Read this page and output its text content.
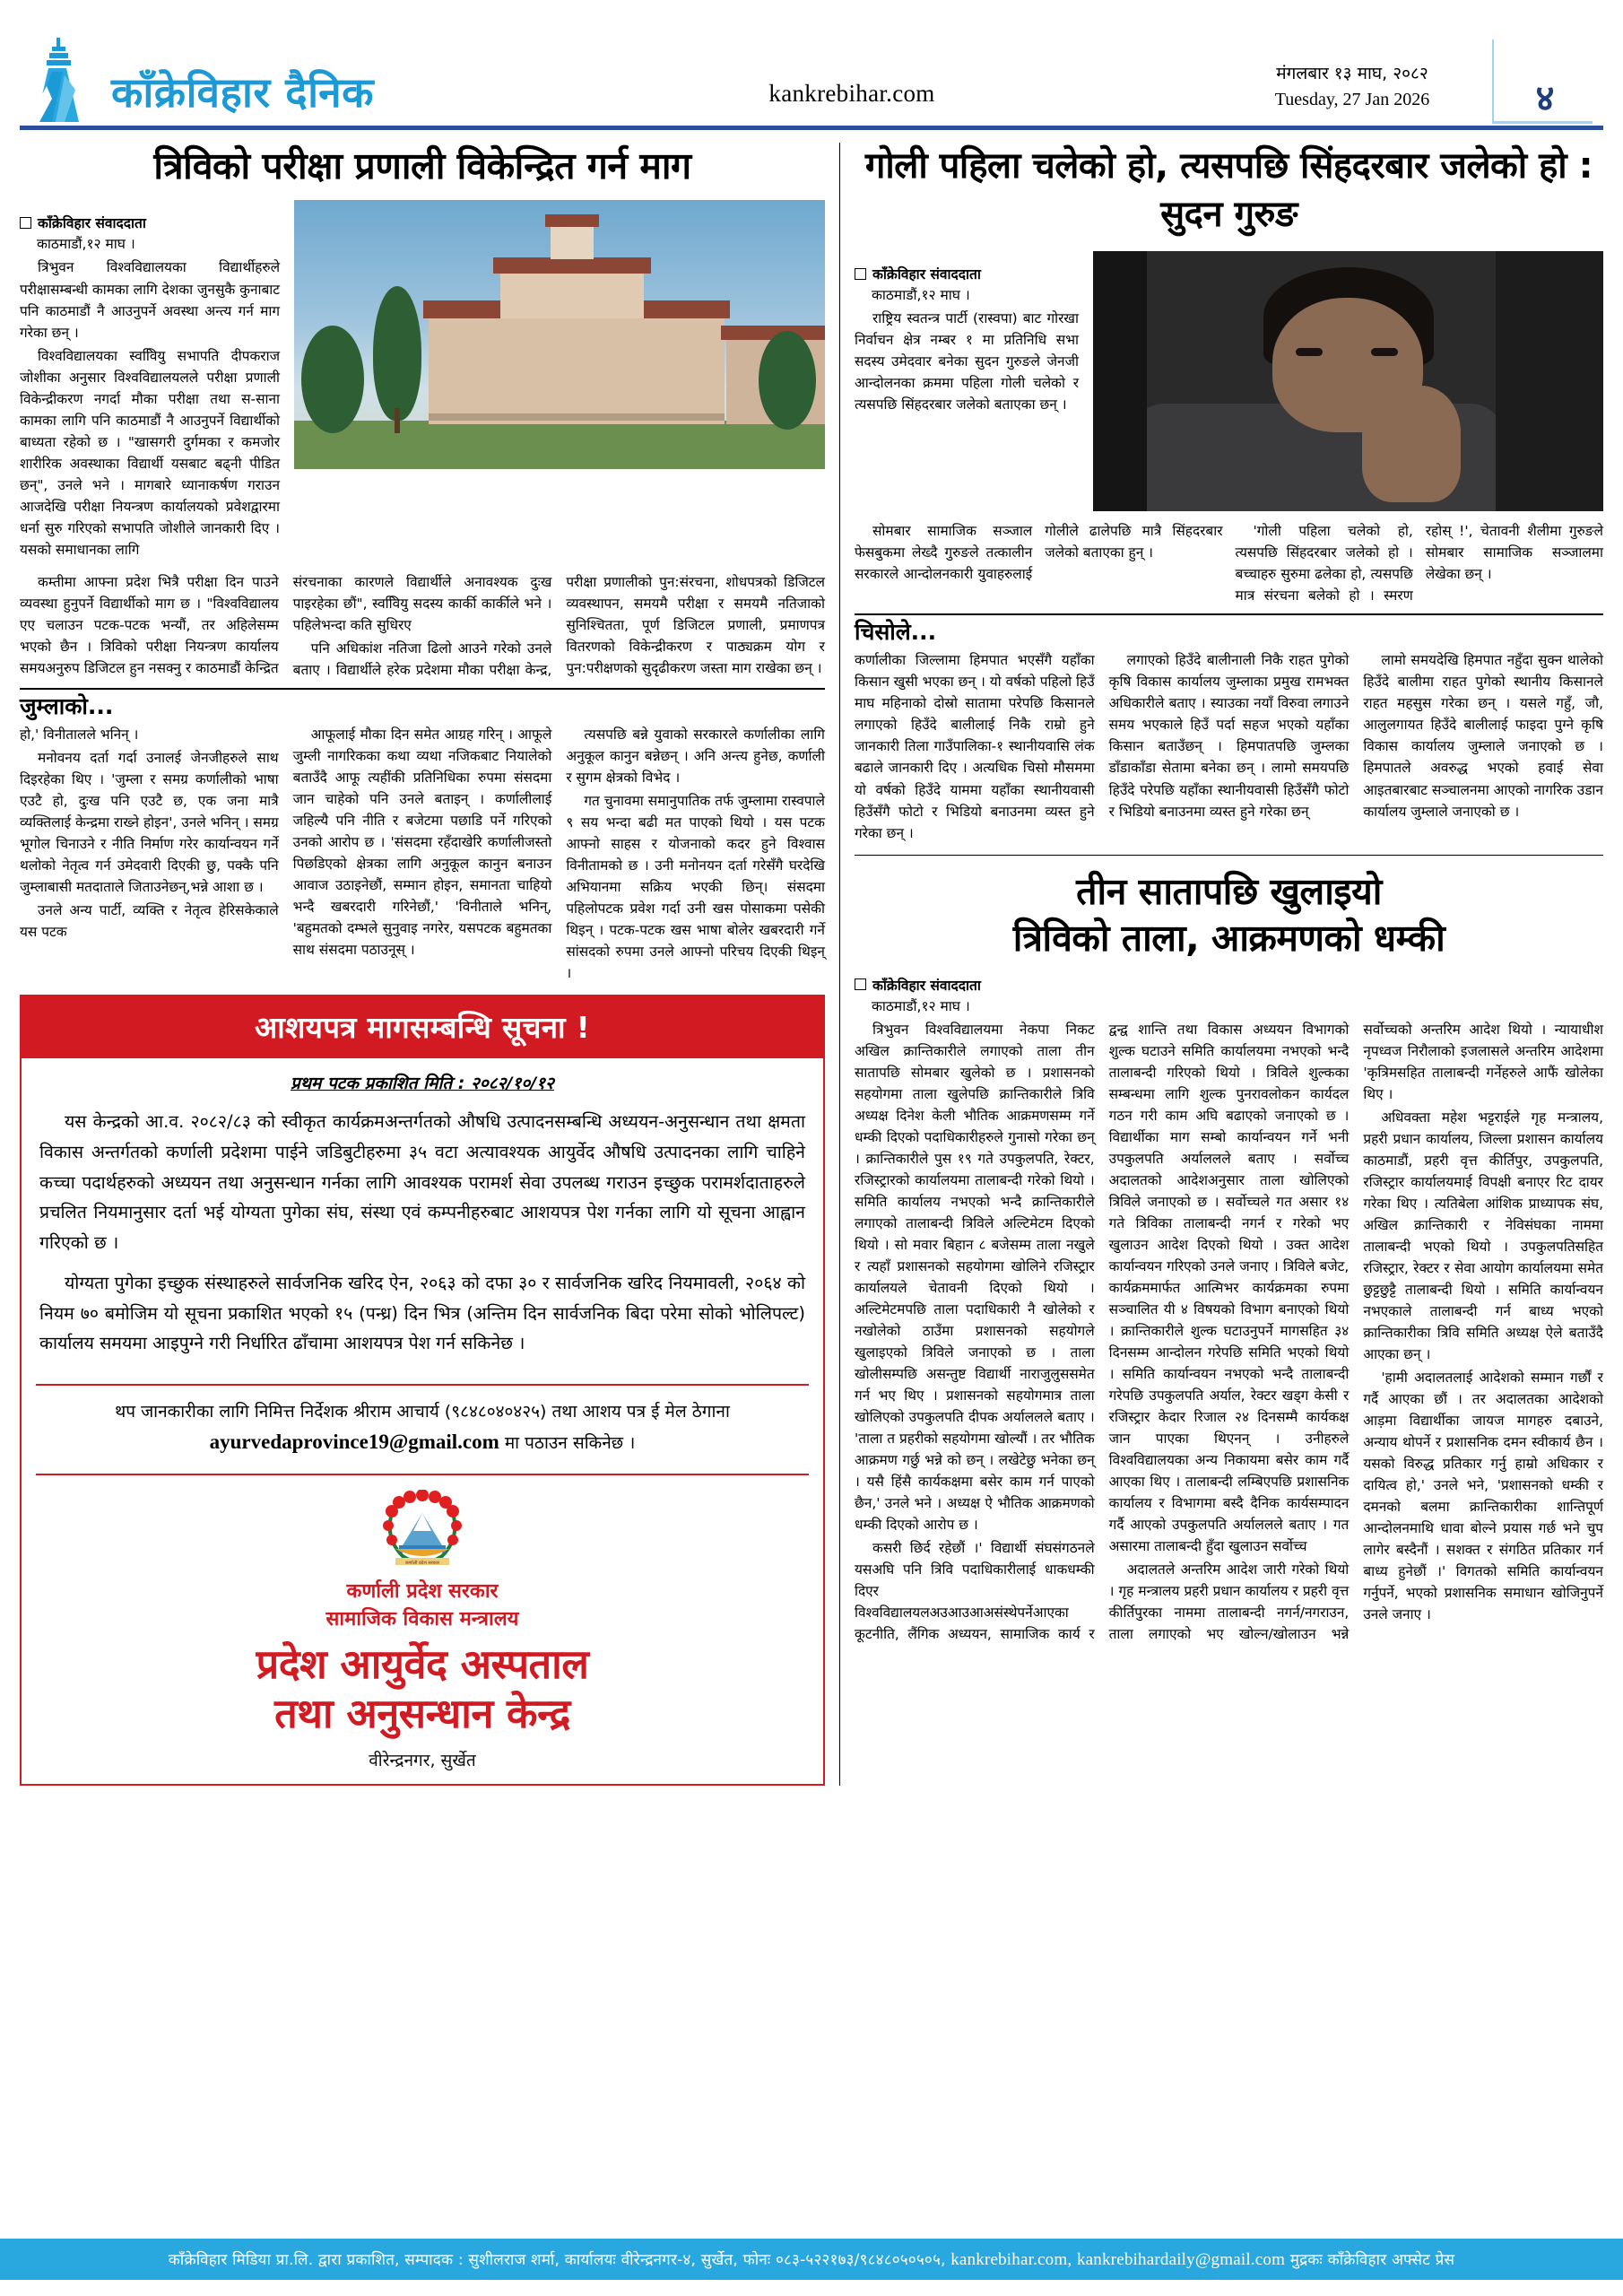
काँक्रेविहार दैनिक	kankrebihar.com
मंगलबार १३ माघ, २०८२
Tuesday, 27 Jan 2026	४
त्रिविको परीक्षा प्रणाली विकेन्द्रित गर्न माग
काँक्रेविहार संवाददाता
काठमाडौं,१२ माघ ।

त्रिभुवन विश्वविद्यालयका विद्यार्थीहरुले परीक्षासम्बन्धी कामका लागि देशका जुनसुकै कुनाबाट पनि काठमाडौं नै आउनुपर्ने अवस्था अन्त्य गर्न माग गरेका छन् ।

विश्वविद्यालयका स्वविियु सभापति दीपकराज जोशीका अनुसार विश्वविद्यालयलले परीक्षा प्रणाली विकेन्द्रीकरण नगर्दा मौका परीक्षा तथा स-साना कामका लागि पनि काठमाडौं नै आउनुपर्ने विद्यार्थीको बाध्यता रहेको छ । "खासगरी दुर्गमका र कमजोर शारीरिक अवस्थाका विद्यार्थी यसबाट बढ्नी पीडित छन्", उनले भने । मागबारे ध्यानाकर्षण गराउन आजदेखि परीक्षा नियन्त्रण कार्यालयको प्रवेशद्वारमा धर्ना सुरु गरिएको सभापति जोशीले जानकारी दिए । यसको समाधानका लागि

कम्तीमा आफ्ना प्रदेश भित्रै परीक्षा दिन पाउने व्यवस्था हुनुपर्ने विद्यार्थीको माग छ । "विश्वविद्यालय एए चलाउन पटक-पटक भन्यौं, तर अहिलेसम्म भएको छैन । त्रिविको परीक्षा नियन्त्रण कार्यालय समयअनुरुप डिजिटल हुन नसक्नु र काठमाडौं केन्द्रित संरचनाका कारणले विद्यार्थीले अनावश्यक दुःख पाइरहेका छौं", स्वविियु सदस्य कार्की कार्कीले भने । पहिलेभन्दा कति सुधिरए

पनि अधिकांश नतिजा ढिलो आउने गरेको उनले बताए । विद्यार्थीले हरेक प्रदेशमा मौका परीक्षा केन्द्र, परीक्षा प्रणालीको पुन:संरचना, शोधपत्रको डिजिटल व्यवस्थापन, समयमै परीक्षा र समयमै नतिजाको सुनिश्चितता, पूर्ण डिजिटल प्रणाली, प्रमाणपत्र वितरणको विकेन्द्रीकरण र पाठ्यक्रम योग र पुन:परीक्षणको सुदृढीकरण जस्ता माग राखेका छन् ।

जुम्लाको...

हो,' विनीतालले भनिन् ।

मनोवनय दर्ता गर्दा उनालई जेनजीहरुले साथ दिइरहेका थिए । 'जुम्ला र समग्र कर्णालीको भाषा एउटै हो, दुःख पनि एउटै छ, एक जना मात्रै व्यक्तिलाई केन्द्रमा राख्ने होइन', उनले भनिन् । समग्र भूगोल चिनाउने र नीति निर्माण गरेर कार्यान्वयन गर्ने थलोको नेतृत्व गर्न उमेदवारी दिएकी छु, पक्कै पनि जुम्लाबासी मतदाताले जिताउनेछन्,भन्ने आशा छ ।

उनले अन्य पार्टी, व्यक्ति र नेतृत्व हेरिसकेकाले यस पटक

आफूलाई मौका दिन समेत आग्रह गरिन् । आफूले जुम्ली नागरिकका कथा व्यथा नजिकबाट नियालेको बताउँदै आफू त्यहींकी प्रतिनिधिका रुपमा संसदमा जान चाहेको पनि उनले बताइन् । कर्णालीलाई जहिल्यै पनि नीति र बजेटमा पछाडि पर्ने गरिएको उनको आरोप छ । 'संसदमा रहँदाखेरि कर्णालीजस्तो पिछडिएको क्षेत्रका लागि अनुकूल कानुन बनाउन आवाज उठाइनेछौं, सम्मान होइन, समानता चाहियो भन्दै खबरदारी गरिनेछौं,' 'विनीताले भनिन्, 'बहुमतको दम्भले सुनुवाइ नगरेर, यसपटक बहुमतका साथ संसदमा पठाउनूस् ।

त्यसपछि बन्ने युवाको सरकारले कर्णालीका लागि अनुकूल कानुन बन्नेछन् । अनि अन्त्य हुनेछ, कर्णाली र सुगम क्षेत्रको विभेद ।

गत चुनावमा समानुपातिक तर्फ जुम्लामा रास्वपाले ९ सय भन्दा बढी मत पाएको थियो । यस पटक आफ्नो साहस र योजनाको कदर हुने विश्वास विनीतामको छ । उनी मनोनयन दर्ता गरेसँगै घरदेखि अभियानमा सक्रिय भएकी छिन्। संसदमा पहिलोपटक प्रवेश गर्दा उनी खस पोसाकमा पसेकी थिइन् । पटक-पटक खस भाषा बोलेर खबरदारी गर्ने सांसदको रुपमा उनले आफ्नो परिचय दिएकी थिइन् ।

आशयपत्र मागसम्बन्धि सूचना !
प्रथम पटक प्रकाशित मिति : २०८२/१०/१२

यस केन्द्रको आ.व. २०८२/८३ को स्वीकृत कार्यक्रमअन्तर्गतको औषधि उत्पादनसम्बन्धि अध्ययन-अनुसन्धान तथा क्षमता विकास अन्तर्गतको कर्णाली प्रदेशमा पाईने जडिबुटीहरुमा ३५ वटा अत्यावश्यक आयुर्वेद औषधि उत्पादनका लागि चाहिने कच्चा पदार्थहरुको अध्ययन तथा अनुसन्धान गर्नका लागि आवश्यक परामर्श सेवा उपलब्ध गराउन इच्छुक परामर्शदाताहरुले प्रचलित नियमानुसार दर्ता भई योग्यता पुगेका संघ, संस्था एवं कम्पनीहरुबाट आशयपत्र पेश गर्नका लागि यो सूचना आह्वान गरिएको छ ।

योग्यता पुगेका इच्छुक संस्थाहरुले सार्वजनिक खरिद ऐन, २०६३ को दफा ३० र सार्वजनिक खरिद नियमावली, २०६४ को नियम ७० बमोजिम यो सूचना प्रकाशित भएको १५ (पन्ध्र) दिन भित्र (अन्तिम दिन सार्वजनिक बिदा परेमा सोको भोलिपल्ट) कार्यालय समयमा आइपुग्ने गरी निर्धारित ढाँचामा आशयपत्र पेश गर्न सकिनेछ ।

थप जानकारीका लागि निमित्त निर्देशक श्रीराम आचार्य (९८४८०४०४२५) तथा आशय पत्र ई मेल ठेगाना ayurvedaprovince19@gmail.com मा पठाउन सकिनेछ ।
कर्णाली प्रदेश सरकार
कर्णाली प्रदेश सरकार
सामाजिक विकास मन्त्रालय
प्रदेश आयुर्वेद अस्पताल
तथा अनुसन्धान केन्द्र
वीरेन्द्रनगर, सुर्खेत
गोली पहिला चलेको हो, त्यसपछि सिंहदरबार जलेको हो : सुदन गुरुङ
काँक्रेविहार संवाददाता
काठमाडौं,१२ माघ ।

राष्ट्रिय स्वतन्त्र पार्टी (रास्वपा) बाट गोरखा निर्वाचन क्षेत्र नम्बर १ मा प्रतिनिधि सभा सदस्य उमेदवार बनेका सुदन गुरुङले जेनजी आन्दोलनका क्रममा पहिला गोली चलेको र त्यसपछि सिंहदरबार जलेको बताएका छन् ।

सोमबार सामाजिक सञ्जाल फेसबुकमा लेख्दै गुरुङले तत्कालीन सरकारले आन्दोलनकारी युवाहरुलाई गोलीले ढालेपछि मात्रै सिंहदरबार जलेको बताएका हुन् ।

'गोली पहिला चलेको हो, त्यसपछि सिंहदरबार जलेको हो । बच्चाहरु सुरुमा ढलेका हो, त्यसपछि मात्र संरचना बलेको हो । स्मरण रहोस् !', चेतावनी शैलीमा गुरुङले सोमबार सामाजिक सञ्जालमा लेखेका छन् ।

चिसोले...

कर्णालीका जिल्लामा हिमपात भएसँगै यहाँका किसान खुसी भएका छन् । यो वर्षको पहिलो हिउँ माघ महिनाको दोस्रो सातामा परेपछि किसानले लगाएको हिउँदे बालीलाई निकै राम्रो हुने जानकारी तिला गाउँपालिका-१ स्थानीयवासि लंक बढाले जानकारी दिए । अत्यधिक चिसो मौसममा यो वर्षको हिउँदे याममा यहाँका स्थानीयवासी हिउँसँगै फोटो र भिडियो बनाउनमा व्यस्त हुने गरेका छन् ।

लगाएको हिउँदे बालीनाली निकै राहत पुगेको कृषि विकास कार्यालय जुम्लाका प्रमुख रामभक्त अधिकारीले बताए । स्याउका नयाँ विरुवा लगाउने समय भएकाले हिउँ पर्दा सहज भएको यहाँका किसान बताउँछन् । हिमपातपछि जुम्लका डाँडाकाँडा सेतामा बनेका छन् । लामो समयपछि हिउँदे परेपछि यहाँका स्थानीयवासी हिउँसँगै फोटो र भिडियो बनाउनमा व्यस्त हुने गरेका छन्

लामो समयदेखि हिमपात नहुँदा सुक्न थालेको हिउँदे बालीमा राहत पुगेको स्थानीय किसानले राहत महसुस गरेका छन् । यसले गहुँ, जौ, आलुलगायत हिउँदे बालीलाई फाइदा पुग्ने कृषि विकास कार्यालय जुम्लाले जनाएको छ । हिमपातले अवरुद्ध भएको हवाई सेवा आइतबारबाट सञ्चालनमा आएको नागरिक उडान कार्यालय जुम्लाले जनाएको छ ।

तीन सातापछि खुलाइयो
त्रिविको ताला, आक्रमणको धम्की
काँक्रेविहार संवाददाता
काठमाडौं,१२ माघ ।

त्रिभुवन विश्वविद्यालयमा नेकपा निकट अखिल क्रान्तिकारीले लगाएको ताला तीन सातापछि सोमबार खुलेको छ । प्रशासनको सहयोगमा ताला खुलेपछि क्रान्तिकारीले त्रिवि अध्यक्ष दिनेश केली भौतिक आक्रमणसम्म गर्ने धम्की दिएको पदाधिकारीहरुले गुनासो गरेका छन् । क्रान्तिकारीले पुस १९ गते उपकुलपति, रेक्टर, रजिस्ट्रारको कार्यालयमा तालाबन्दी गरेको थियो । समिति कार्यालय नभएको भन्दै क्रान्तिकारीले लगाएको तालाबन्दी त्रिविले अल्टिमेटम दिएको थियो । सो मवार बिहान ८ बजेसम्म ताला नखुले र त्यहाँ प्रशासनको सहयोगमा खोलिने रजिस्ट्रार कार्यालयले चेतावनी दिएको थियो । अल्टिमेटमपछि ताला पदाधिकारी नै खोलेको र नखोलेको ठाउँमा प्रशासनको सहयोगले खुलाइएको त्रिविले जनाएको छ । ताला खोलीसम्पछि असन्तुष्ट विद्यार्थी नाराजुलुससमेत गर्न भए थिए । प्रशासनको सहयोगमात्र ताला खोलिएकाे उपकुलपति दीपक अर्याललले बताए । 'ताला त प्रहरीको सहयोगमा खोल्यौं । तर भौतिक आक्रमण गर्छु भन्ने को छन् । लखेटेछु भनेका छन् । यसै हिंसै कार्यकक्षमा बसेर काम गर्न पाएको छैन,' उनले भने । अध्यक्ष ऐ भौतिक आक्रमणको धम्की दिएको आरोप छ ।

कसरी छिर्द रहेछौं ।' विद्यार्थी संघसंगठनले यसअघि पनि त्रिवि पदाधिकारीलाई धाकधम्की दिएर विश्वविद्यालयलअउआउआअसंस्थेपर्नेआएका कूटनीति, लैंगिक अध्ययन, सामाजिक कार्य र द्वन्द्व शान्ति तथा विकास अध्ययन विभागको शुल्क घटाउने समिति कार्यालयमा नभएको भन्दै तालाबन्दी गरिएको थियो । त्रिविले शुल्कका सम्बन्धमा लागि शुल्क पुनरावलोकन कार्यदल गठन गरी काम अघि बढाएको जनाएको छ । विद्यार्थीका माग सम्बो कार्यान्वयन गर्ने भनी उपकुलपति अर्याललले बताए । सर्वोच्च अदालतको आदेशअनुसार ताला खोलिएको त्रिविले जनाएको छ । सर्वोच्चले गत असार १४ गते त्रिविका तालाबन्दी नगर्न र गरेको भए खुलाउन आदेश दिएको थियो । उक्त आदेश कार्यान्वयन गरिएको उनले जनाए । त्रिविले बजेट, कार्यक्रममार्फत आत्मिभर कार्यक्रमका रुपमा सञ्चालित यी ४ विषयको विभाग बनाएको थियो । क्रान्तिकारीले शुल्क घटाउनुपर्ने मागसहित ३४ दिनसम्म आन्दोलन गरेपछि समिति भएको थियो । समिति कार्यान्वयन नभएको भन्दै तालाबन्दी गरेपछि उपकुलपति अर्याल, रेक्टर खड्ग केसी र रजिस्ट्रार केदार रिजाल २४ दिनसम्मै कार्यकक्ष जान पाएका थिएनन् । उनीहरुले विश्वविद्यालयका अन्य निकायमा बसेर काम गर्दै आएका थिए । तालाबन्दी लम्बिएपछि प्रशासनिक कार्यालय र विभागमा बस्दै दैनिक कार्यसम्पादन गर्दै आएको उपकुलपति अर्याललले बताए । गत असारमा तालाबन्दी हुँदा खुलाउन सर्वोच्च

अदालतले अन्तरिम आदेश जारी गरेको थियो । गृह मन्त्रालय प्रहरी प्रधान कार्यालय र प्रहरी वृत्त कीर्तिपुरका नाममा तालाबन्दी नगर्न/नगराउन, ताला लगाएको भए खोल्न/खोलाउन भन्ने सर्वोच्चको अन्तरिम आदेश थियो । न्यायाधीश नृपध्वज निरौलाको इजलासले अन्तरिम आदेशमा 'कृत्रिमसहित तालाबन्दी गर्नेहरुले आफैं खोलेका थिए ।

अधिवक्ता महेश भट्टराईले गृह मन्त्रालय, प्रहरी प्रधान कार्यालय, जिल्ला प्रशासन कार्यालय काठमाडौं, प्रहरी वृत्त कीर्तिपुर, उपकुलपति, रजिस्ट्रार कार्यालयमाई विपक्षी बनाएर रिट दायर गरेका थिए । त्यतिबेला आंशिक प्राध्यापक संघ, अखिल क्रान्तिकारी र नेविसंघका नाममा तालाबन्दी भएको थियो । उपकुलपतिसहित रजिस्ट्रार, रेक्टर र सेवा आयोग कार्यालयमा समेत छुट्टछुट्टै तालाबन्दी थियो । समिति कार्यान्वयन नभएकाले तालाबन्दी गर्न बाध्य भएको क्रान्तिकारीका त्रिवि समिति अध्यक्ष ऐले बताउँदै आएका छन् ।

'हामी अदालतलाई आदेशको सम्मान गर्छौं र गर्दै आएका छौं । तर अदालतका आदेशको आड़मा विद्यार्थीका जायज मागहरु दबाउने, अन्याय थोपर्ने र प्रशासनिक दमन स्वीकार्य छैन । यसको विरुद्ध प्रतिकार गर्नु हाम्रो अधिकार र दायित्व हो,' उनले भने, 'प्रशासनको धम्की र दमनको बलमा क्रान्तिकारीका शान्तिपूर्ण आन्दोलनमाथि धावा बोल्ने प्रयास गर्छ भने चुप लागेर बस्दैनौं । सशक्त र संगठित प्रतिकार गर्न बाध्य हुनेछौं ।' विगतको समिति कार्यान्वयन गर्नुपर्ने, भएको प्रशासनिक समाधान खोजिनुपर्ने उनले जनाए ।

काँक्रेविहार मिडिया प्रा.लि. द्वारा प्रकाशित, सम्पादक : सुशीलराज शर्मा, कार्यालयः वीरेन्द्रनगर-४, सुर्खेत, फोनः ०८३-५२२१७३/९८४८०५०५०५, kankrebihar.com, kankrebihardaily@gmail.com मुद्रकः काँक्रेविहार अफ्सेट प्रेस
